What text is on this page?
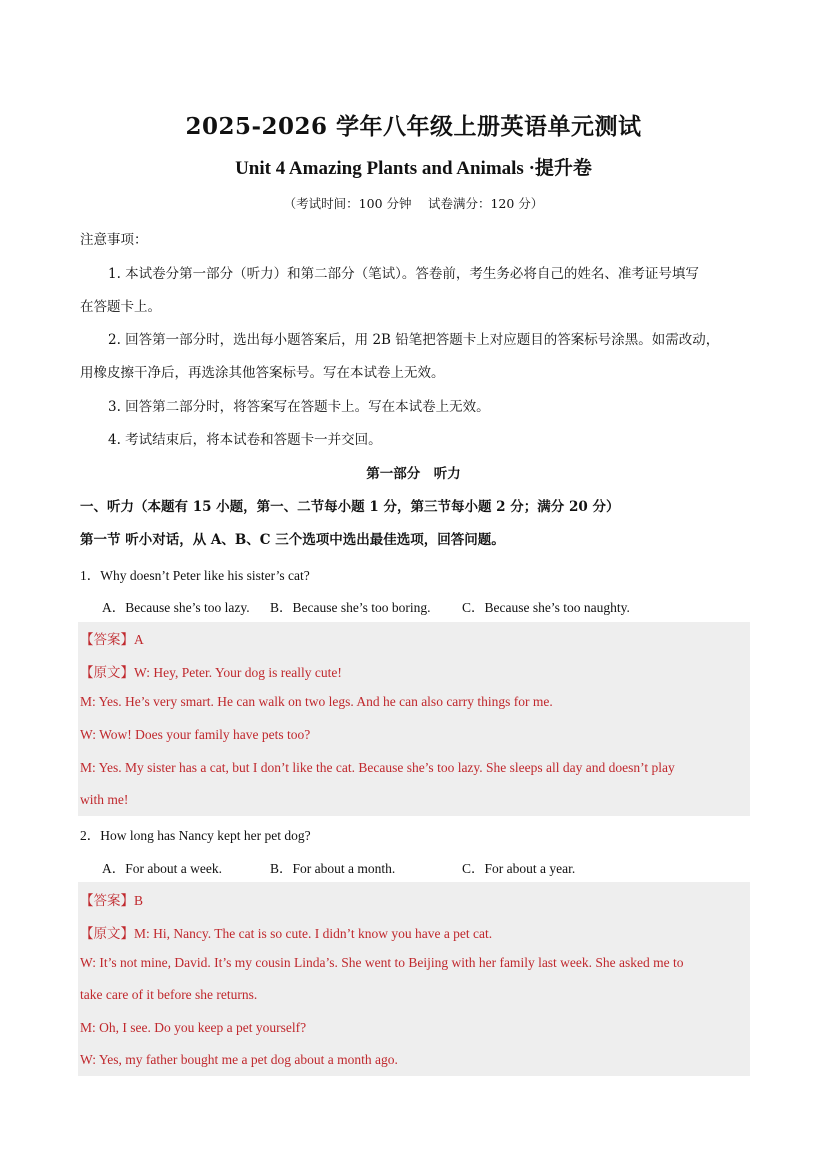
2025-2026 学年八年级上册英语单元测试
Unit 4 Amazing Plants and Animals ·提升卷
（考试时间：100 分钟　 试卷满分：120 分）
注意事项：
1. 本试卷分第一部分（听力）和第二部分（笔试）。答卷前，考生务必将自己的姓名、准考证号填写
在答题卡上。
2. 回答第一部分时，选出每小题答案后，用 2B 铅笔把答题卡上对应题目的答案标号涂黑。如需改动，
用橡皮擦干净后，再选涂其他答案标号。写在本试卷上无效。
3. 回答第二部分时，将答案写在答题卡上。写在本试卷上无效。
4. 考试结束后，将本试卷和答题卡一并交回。
第一部分　听力
一、听力（本题有 15 小题，第一、二节每小题 1 分，第三节每小题 2 分；满分 20 分）
第一节 听小对话，从 A、B、C 三个选项中选出最佳选项，回答问题。
1．Why doesn’t Peter like his sister’s cat?
A．Because she’s too lazy. B．Because she’s too boring. C．Because she’s too naughty.
【答案】A
【原文】W: Hey, Peter. Your dog is really cute!
M: Yes. He’s very smart. He can walk on two legs. And he can also carry things for me.
W: Wow! Does your family have pets too?
M: Yes. My sister has a cat, but I don’t like the cat. Because she’s too lazy. She sleeps all day and doesn’t play
with me!
2．How long has Nancy kept her pet dog?
A．For about a week.	B．For about a month.	C．For about a year.
【答案】B
【原文】M: Hi, Nancy. The cat is so cute. I didn’t know you have a pet cat.
W: It’s not mine, David. It’s my cousin Linda’s. She went to Beijing with her family last week. She asked me to
take care of it before she returns.
M: Oh, I see. Do you keep a pet yourself?
W: Yes, my father bought me a pet dog about a month ago.
